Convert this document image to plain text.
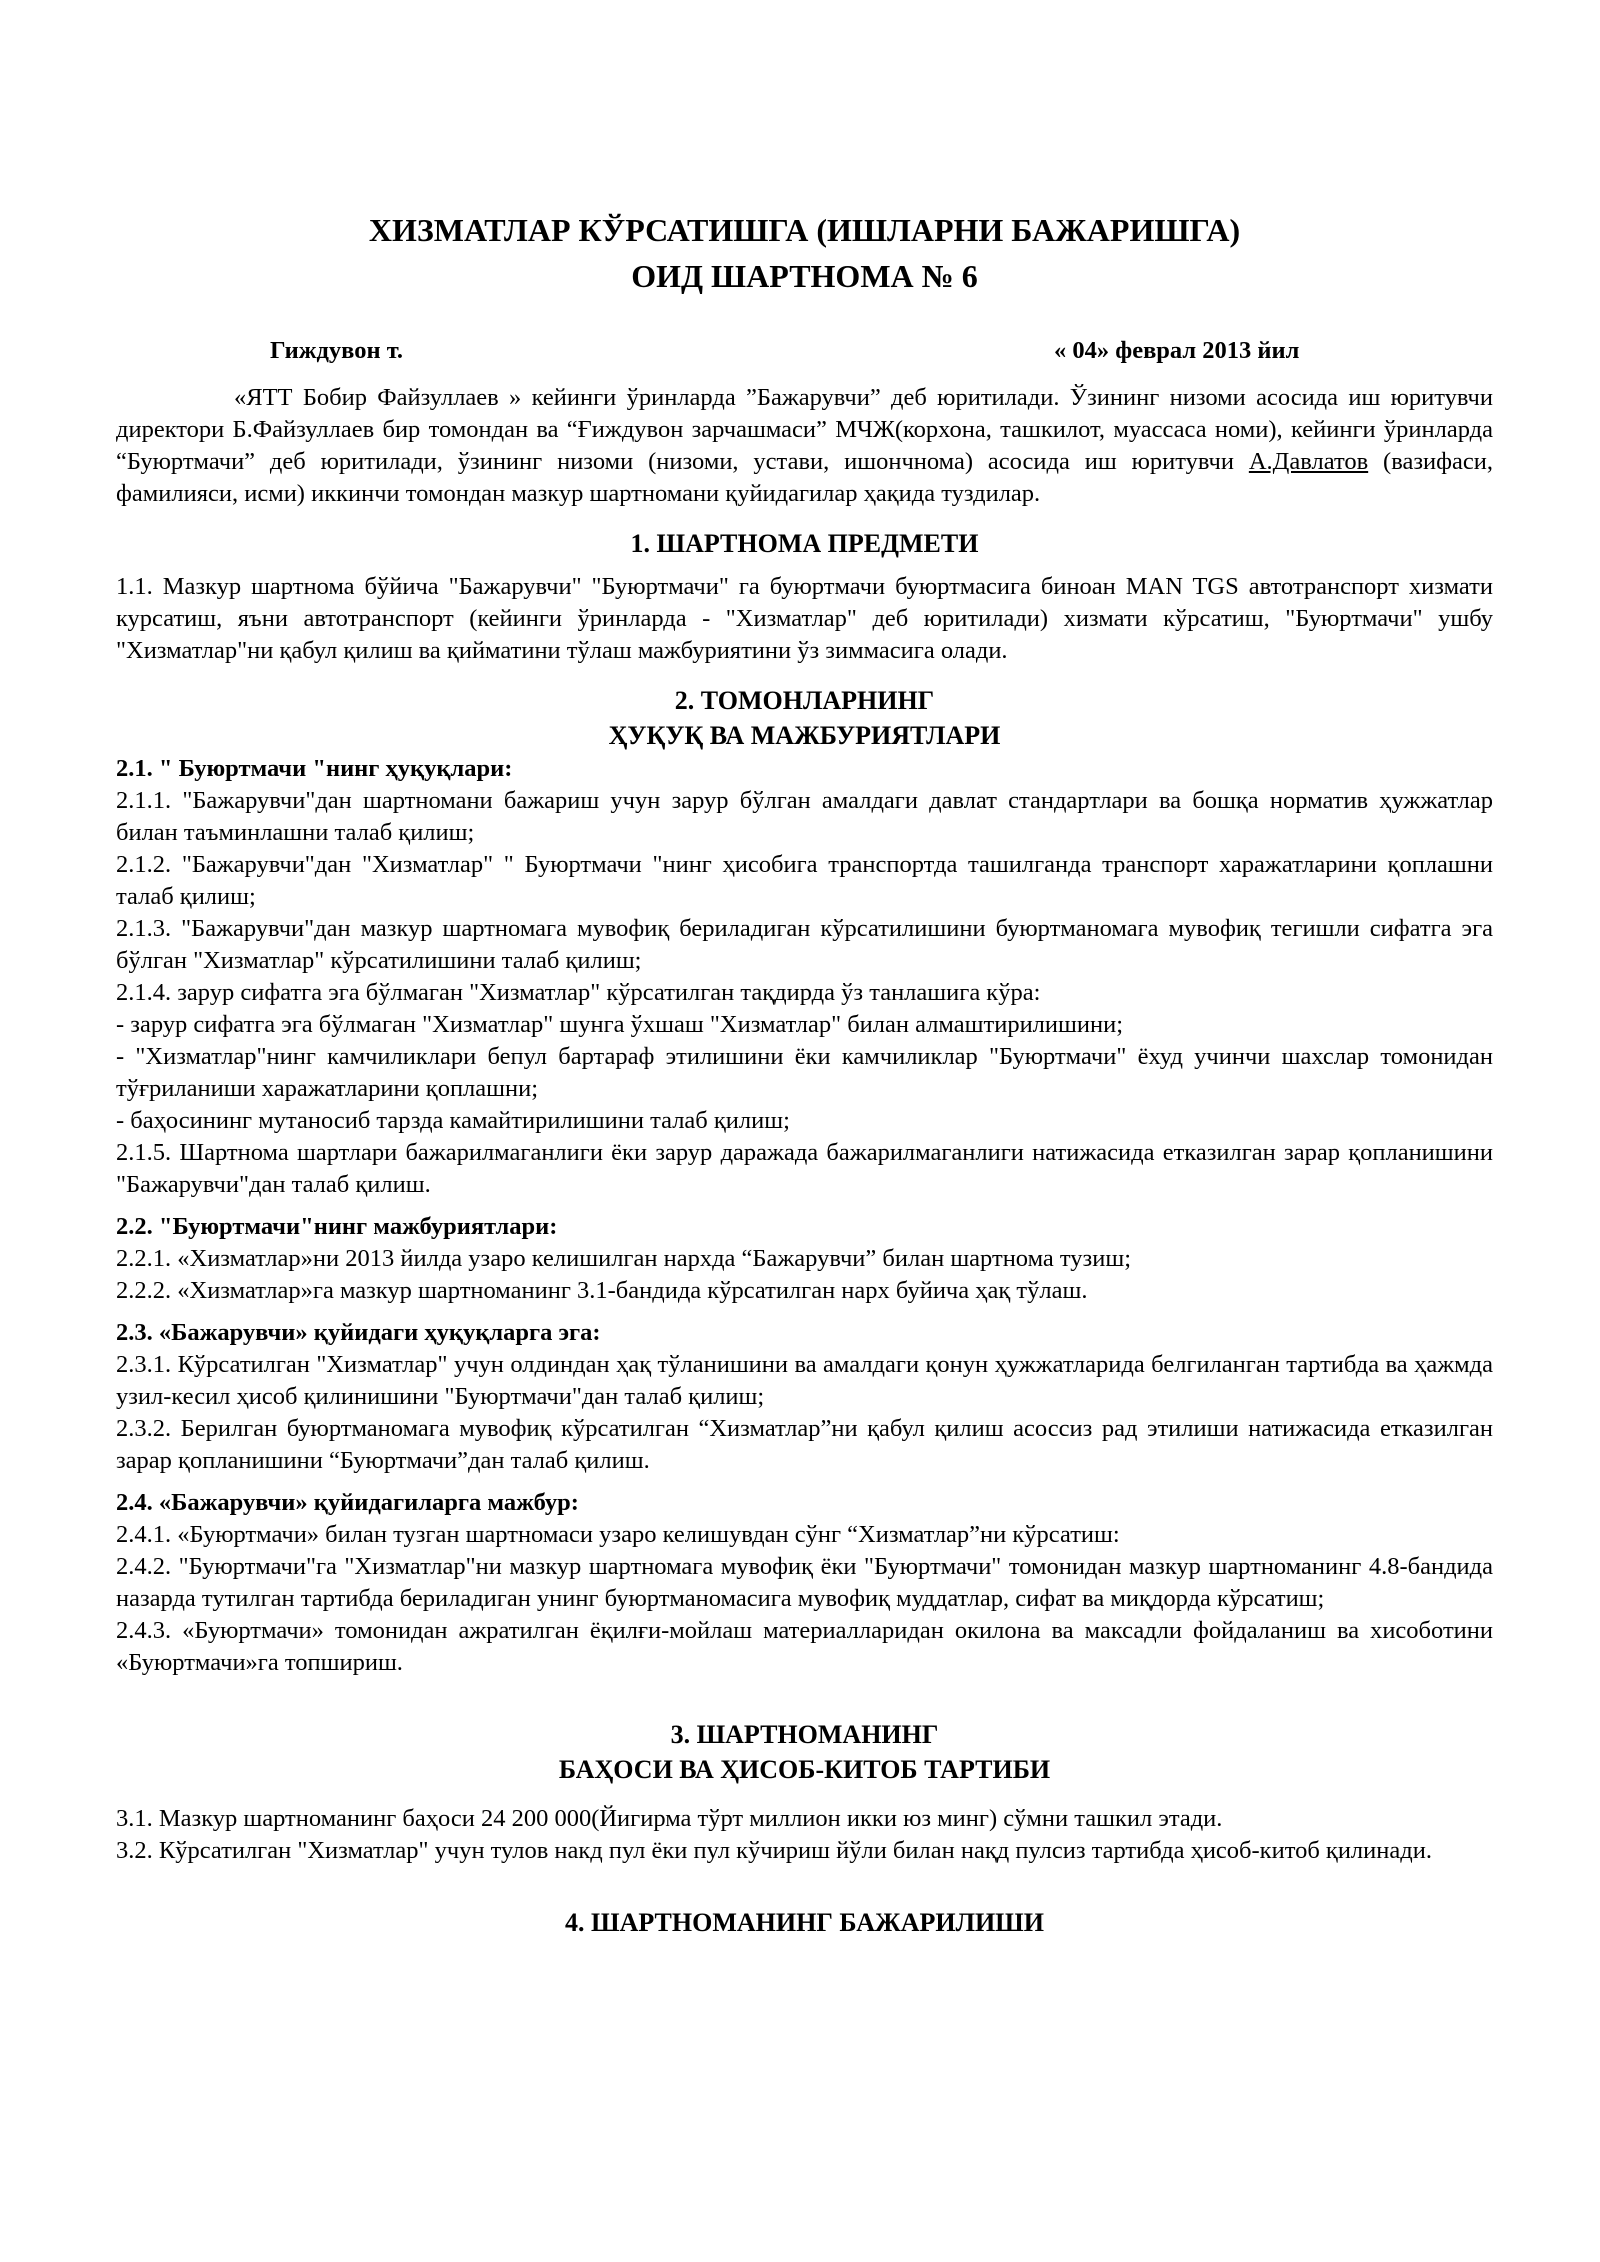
ХИЗМАТЛАР КЎРСАТИШГА (ИШЛАРНИ БАЖАРИШГА)
ОИД ШАРТНОМА № 6
Гиждувон т.	« 04» феврал 2013 йил

«ЯТТ Бобир Файзуллаев » кейинги ўринларда ”Бажарувчи” деб юритилади. Ўзининг низоми асосида иш юритувчи директори Б.Файзуллаев бир томондан ва “Ғиждувон зарчашмаси” МЧЖ(корхона, ташкилот, муассаса номи), кейинги ўринларда “Буюртмачи” деб юритилади, ўзининг низоми (низоми, устави, ишончнома) асосида иш юритувчи А.Давлатов (вазифаси, фамилияси, исми) иккинчи томондан мазкур шартномани қуйидагилар ҳақида туздилар.

1. ШАРТНОМА ПРЕДМЕТИ

1.1. Мазкур шартнома бўйича "Бажарувчи" "Буюртмачи" га буюртмачи буюртмасига биноан MAN TGS автотранспорт хизмати курсатиш, яъни автотранспорт (кейинги ўринларда - "Хизматлар" деб юритилади) хизмати кўрсатиш, "Буюртмачи" ушбу "Хизматлар"ни қабул қилиш ва қийматини тўлаш мажбуриятини ўз зиммасига олади.

2. ТОМОНЛАРНИНГ
ҲУҚУҚ ВА МАЖБУРИЯТЛАРИ
2.1. " Буюртмачи "нинг ҳуқуқлари:

2.1.1. "Бажарувчи"дан шартномани бажариш учун зарур бўлган амалдаги давлат стандартлари ва бошқа норматив ҳужжатлар билан таъминлашни талаб қилиш;

2.1.2. "Бажарувчи"дан "Хизматлар" " Буюртмачи "нинг ҳисобига транспортда ташилганда транспорт харажатларини қоплашни талаб қилиш;

2.1.3. "Бажарувчи"дан мазкур шартномага мувофиқ бериладиган кўрсатилишини буюртманомага мувофиқ тегишли сифатга эга бўлган "Хизматлар" кўрсатилишини талаб қилиш;

2.1.4. зарур сифатга эга бўлмаган "Хизматлар" кўрсатилган тақдирда ўз танлашига кўра:

- зарур сифатга эга бўлмаган "Хизматлар" шунга ўхшаш "Хизматлар" билан алмаштирилишини;

- "Хизматлар"нинг камчиликлари бепул бартараф этилишини ёки камчиликлар "Буюртмачи" ёхуд учинчи шахслар томонидан тўғриланиши харажатларини қоплашни;

- баҳосининг мутаносиб тарзда камайтирилишини талаб қилиш;

2.1.5. Шартнома шартлари бажарилмаганлиги ёки зарур даражада бажарилмаганлиги натижасида етказилган зарар қопланишини "Бажарувчи"дан талаб қилиш.

2.2. "Буюртмачи"нинг мажбуриятлари:

2.2.1. «Хизматлар»ни 2013 йилда узаро келишилган нархда “Бажарувчи” билан шартнома тузиш;

2.2.2. «Хизматлар»га мазкур шартноманинг 3.1-бандида кўрсатилган нарх буйича ҳақ тўлаш.

2.3. «Бажарувчи» қуйидаги ҳуқуқларга эга:

2.3.1. Кўрсатилган "Хизматлар" учун олдиндан ҳақ тўланишини ва амалдаги қонун ҳужжатларида белгиланган тартибда ва ҳажмда узил-кесил ҳисоб қилинишини "Буюртмачи"дан талаб қилиш;

2.3.2. Берилган буюртманомага мувофиқ кўрсатилган “Хизматлар”ни қабул қилиш асоссиз рад этилиши натижасида етказилган зарар қопланишини “Буюртмачи”дан талаб қилиш.

2.4. «Бажарувчи» қуйидагиларга мажбур:

2.4.1. «Буюртмачи» билан тузган шартномаси узаро келишувдан сўнг “Хизматлар”ни кўрсатиш:

2.4.2. "Буюртмачи"га "Хизматлар"ни мазкур шартномага мувофиқ ёки "Буюртмачи" томонидан мазкур шартноманинг 4.8-бандида назарда тутилган тартибда бериладиган унинг буюртманомасига мувофиқ муддатлар, сифат ва миқдорда кўрсатиш;

2.4.3. «Буюртмачи» томонидан ажратилган ёқилғи-мойлаш материалларидан окилона ва максадли фойдаланиш ва хисоботини «Буюртмачи»га топшириш.

3. ШАРТНОМАНИНГ
БАҲОСИ ВА ҲИСОБ-КИТОБ ТАРТИБИ

3.1. Мазкур шартноманинг баҳоси 24 200 000(Йигирма тўрт миллион икки юз минг) сўмни ташкил этади.

3.2. Кўрсатилган "Хизматлар" учун тулов накд пул ёки пул кўчириш йўли билан нақд пулсиз тартибда ҳисоб-китоб қилинади.

4. ШАРТНОМАНИНГ БАЖАРИЛИШИ
